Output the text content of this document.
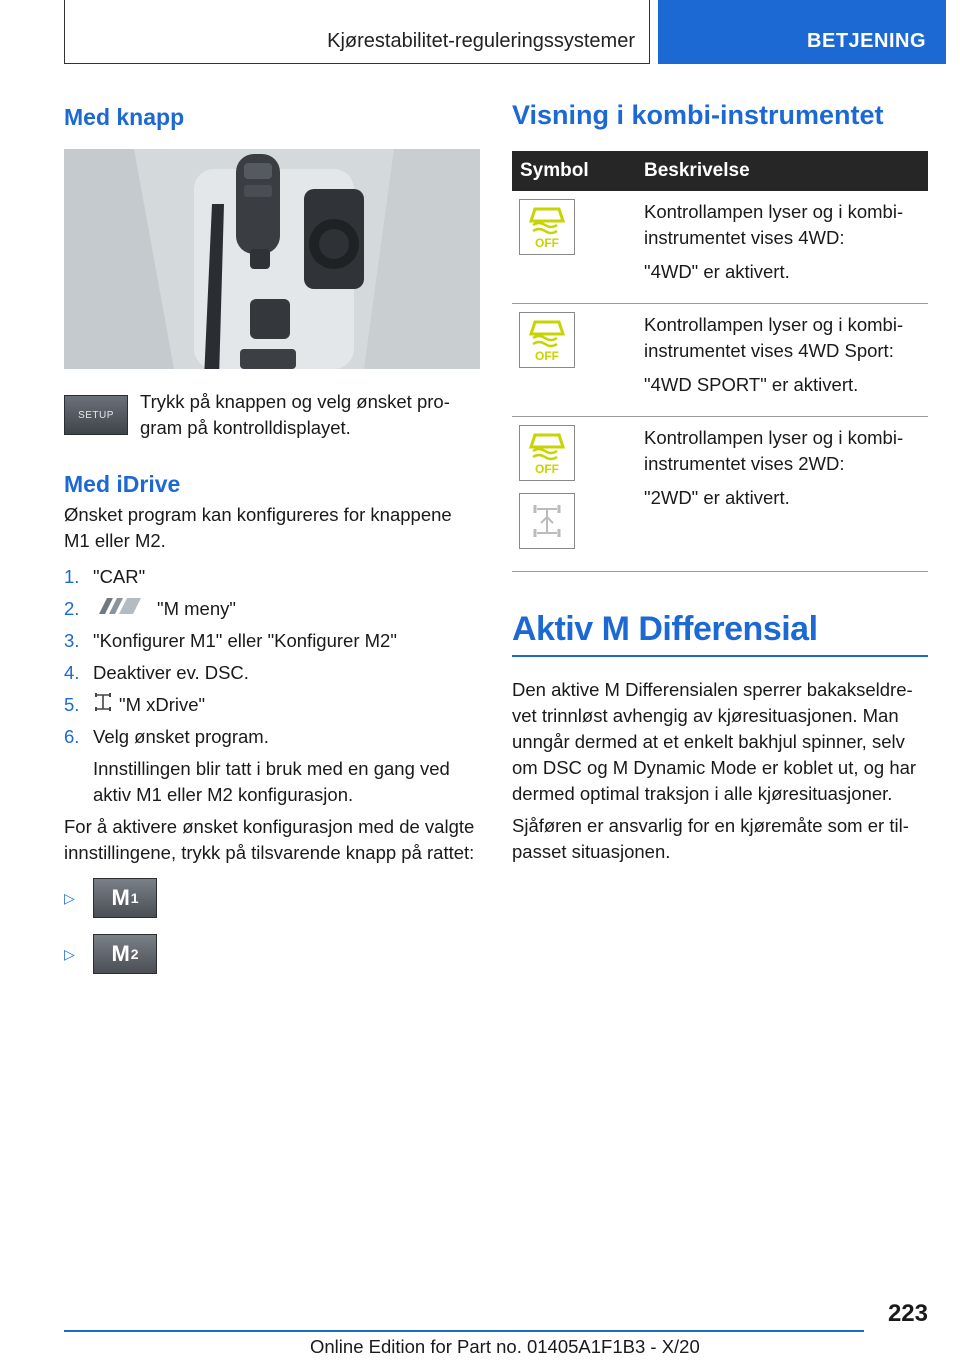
Kjørestabilitet-reguleringssystemer	BETJENING
Med knapp
SETUP

Trykk på knappen og velg ønsket program på kontrolldisplayet.

Med iDrive

Ønsket program kan konfigureres for knappene M1 eller M2.

1. "CAR"
2.	"M meny"
3. "Konfigurer M1" eller "Konfigurer M2"
4. Deaktiver ev. DSC.
5.	"M xDrive"
6. Velg ønsket program.
Innstillingen blir tatt i bruk med en gang ved aktiv M1 eller M2 konfigurasjon.

For å aktivere ønsket konfigurasjon med de valgte innstillingene, trykk på tilsvarende knapp på rattet:

▷	M 1
▷	M 2
Visning i kombi-instrumentet
Symbol	Beskrivelse

OFF	Kontrollampen lyser og i kombiinstrumentet vises 4WD:

"4WD" er aktivert.

OFF	Kontrollampen lyser og i kombiinstrumentet vises 4WD Sport:

"4WD SPORT" er aktivert.

OFF	Kontrollampen lyser og i kombiinstrumentet vises 2WD:

"2WD" er aktivert.

Aktiv M Differensial

Den aktive M Differensialen sperrer bakakseldrevet trinnløst avhengig av kjøresituasjonen. Man unngår dermed at et enkelt bakhjul spinner, selv om DSC og M Dynamic Mode er koblet ut, og har dermed optimal traksjon i alle kjøresituasjoner.

Sjåføren er ansvarlig for en kjøremåte som er tilpasset situasjonen.

223
Online Edition for Part no. 01405A1F1B3 - X/20
